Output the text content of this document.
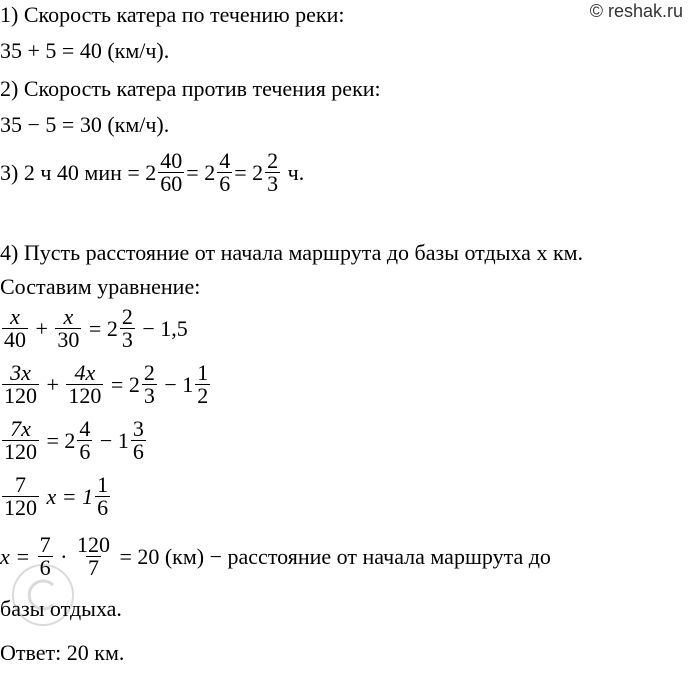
© reshak.ru
1) Скорость катера по течению реки:
35 + 5 = 40 (км/ч).
2) Скорость катера против течения реки:
35 − 5 = 30 (км/ч).
3) 2 ч 40 мин = $2 \frac{40}{60} = 2 \frac{4}{6} = 2 \frac{2}{3} ч$.
4) Пусть расстояние от начала маршрута до базы отдыха x км.
Составим уравнение:
$\frac{x}{40} + \frac{x}{30} = 2 \frac{2}{3} - 1,5$
$\frac{3x}{120} + \frac{4x}{120} = 2 \frac{2}{3} - 1 \frac{1}{2}$
$\frac{7x}{120} = 2 \frac{4}{6} - 1 \frac{3}{6}$
$\frac{7}{120}$ $x = 1 \frac{1}{6}$
$x = \frac{7}{6} \cdot \frac{120}{7} = 20$ (км) − расстояние от начала маршрута до
базы отдыха.
Ответ: 20 км.
